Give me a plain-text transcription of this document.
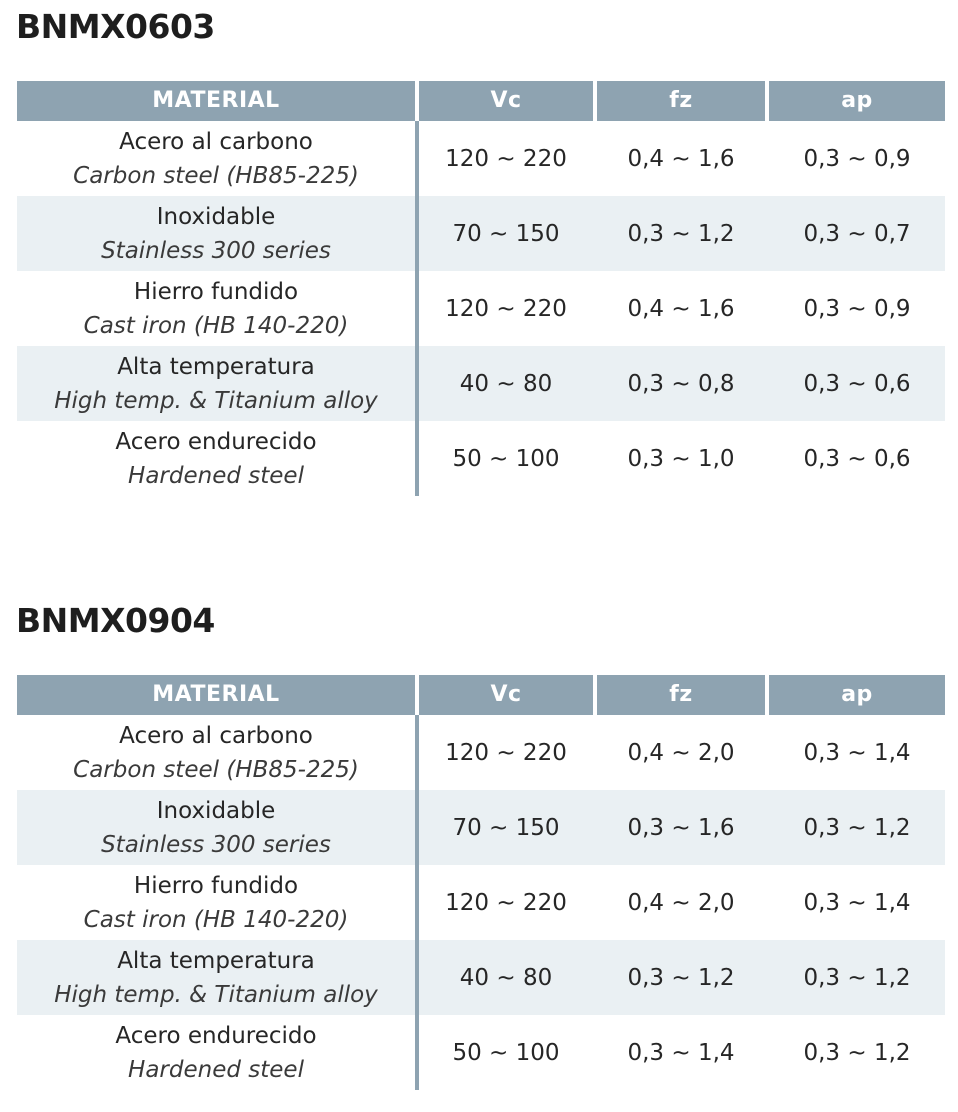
BNMX0603
MATERIAL	Vc	fz	ap
Acero al carbono
Carbon steel (HB85-225)
120 ~ 220	0,4 ~ 1,6	0,3 ~ 0,9
Inoxidable
Stainless 300 series
70 ~ 150	0,3 ~ 1,2	0,3 ~ 0,7
Hierro fundido
Cast iron (HB 140-220)
120 ~ 220	0,4 ~ 1,6	0,3 ~ 0,9
Alta temperatura
High temp. & Titanium alloy
40 ~ 80	0,3 ~ 0,8	0,3 ~ 0,6
Acero endurecido
Hardened steel
50 ~ 100	0,3 ~ 1,0	0,3 ~ 0,6
BNMX0904
MATERIAL	Vc	fz	ap
Acero al carbono
Carbon steel (HB85-225)
120 ~ 220	0,4 ~ 2,0	0,3 ~ 1,4
Inoxidable
Stainless 300 series
70 ~ 150	0,3 ~ 1,6	0,3 ~ 1,2
Hierro fundido
Cast iron (HB 140-220)
120 ~ 220	0,4 ~ 2,0	0,3 ~ 1,4
Alta temperatura
High temp. & Titanium alloy
40 ~ 80	0,3 ~ 1,2	0,3 ~ 1,2
Acero endurecido
Hardened steel
50 ~ 100	0,3 ~ 1,4	0,3 ~ 1,2
